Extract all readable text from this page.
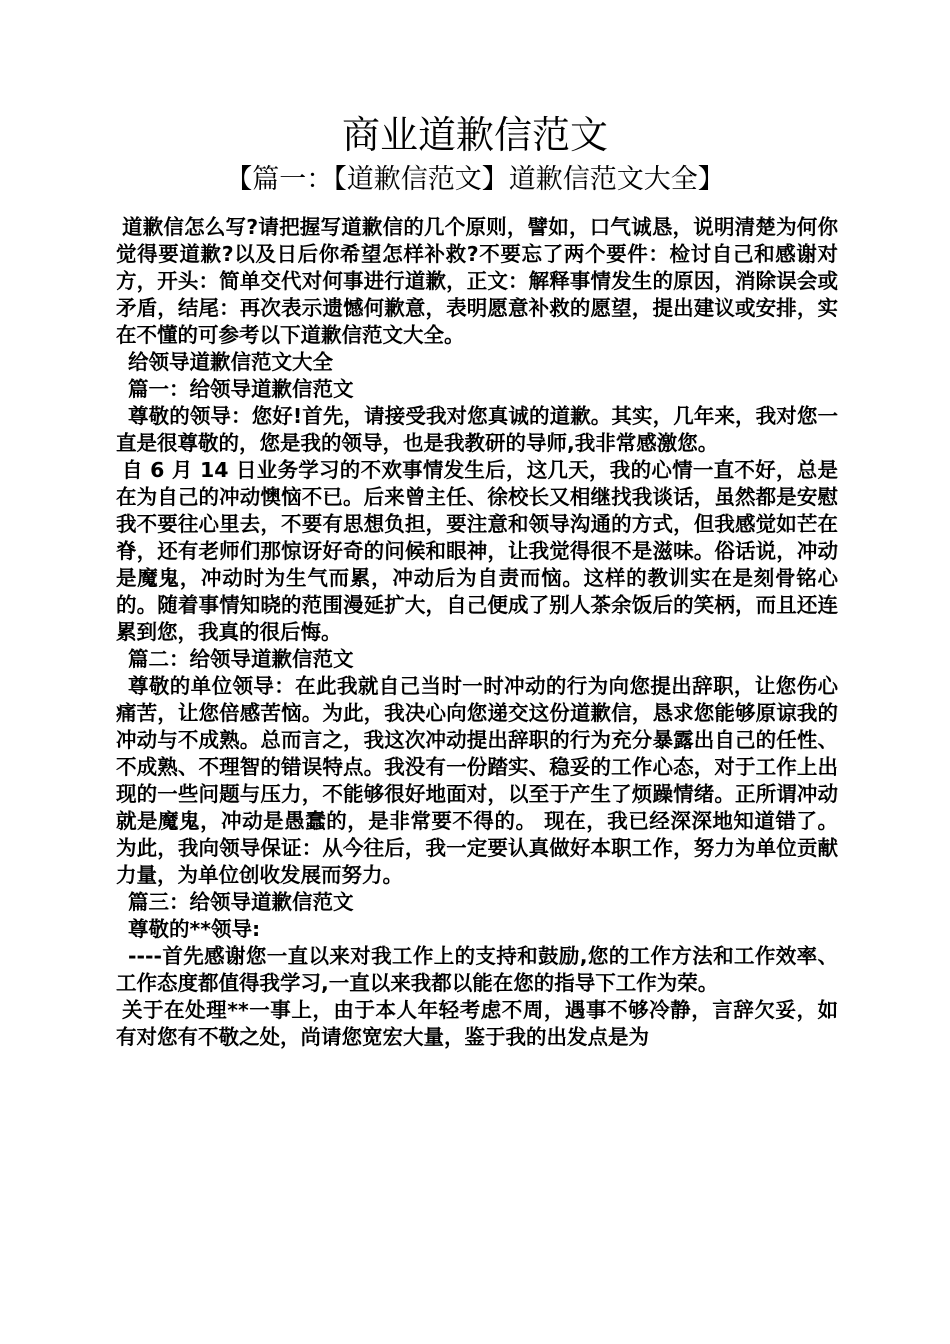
商业道歉信范文
【篇一：【道歉信范文】道歉信范文大全】

道歉信怎么写?请把握写道歉信的几个原则，譬如，口气诚恳，说明清楚为何你觉得要道歉?以及日后你希望怎样补救?不要忘了两个要件：检讨自己和感谢对方，开头：简单交代对何事进行道歉，正文：解释事情发生的原因，消除误会或矛盾，结尾：再次表示遗憾何歉意，表明愿意补救的愿望，提出建议或安排，实在不懂的可参考以下道歉信范文大全。

给领导道歉信范文大全

篇一：给领导道歉信范文

尊敬的领导：您好!首先，请接受我对您真诚的道歉。其实，几年来，我对您一直是很尊敬的，您是我的领导，也是我教研的导师,我非常感激您。

自 6 月 14 日业务学习的不欢事情发生后，这几天，我的心情一直不好，总是在为自己的冲动懊恼不已。后来曾主任、徐校长又相继找我谈话，虽然都是安慰我不要往心里去，不要有思想负担，要注意和领导沟通的方式，但我感觉如芒在脊，还有老师们那惊讶好奇的问候和眼神，让我觉得很不是滋味。俗话说，冲动是魔鬼，冲动时为生气而累，冲动后为自责而恼。这样的教训实在是刻骨铭心的。随着事情知晓的范围漫延扩大，自己便成了别人茶余饭后的笑柄，而且还连累到您，我真的很后悔。

篇二：给领导道歉信范文

尊敬的单位领导：在此我就自己当时一时冲动的行为向您提出辞职，让您伤心痛苦，让您倍感苦恼。为此，我决心向您递交这份道歉信，恳求您能够原谅我的冲动与不成熟。总而言之，我这次冲动提出辞职的行为充分暴露出自己的任性、不成熟、不理智的错误特点。我没有一份踏实、稳妥的工作心态，对于工作上出现的一些问题与压力，不能够很好地面对，以至于产生了烦躁情绪。正所谓冲动就是魔鬼，冲动是愚蠢的，是非常要不得的。 现在，我已经深深地知道错了。为此，我向领导保证：从今往后，我一定要认真做好本职工作，努力为单位贡献力量，为单位创收发展而努力。

篇三：给领导道歉信范文

尊敬的**领导:

----首先感谢您一直以来对我工作上的支持和鼓励,您的工作方法和工作效率、工作态度都值得我学习,一直以来我都以能在您的指导下工作为荣。

关于在处理**一事上，由于本人年轻考虑不周，遇事不够冷静，言辞欠妥，如有对您有不敬之处，尚请您宽宏大量，鉴于我的出发点是为
